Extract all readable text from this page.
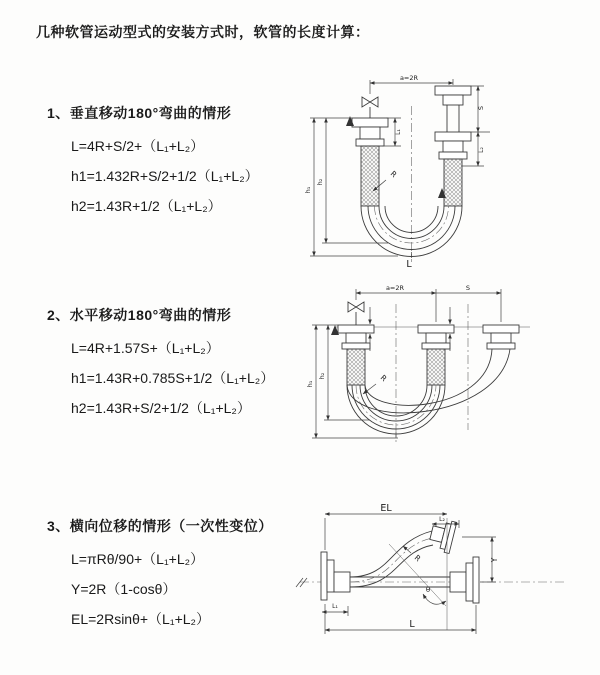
几种软管运动型式的安装方式时，软管的长度计算：
1、垂直移动180°弯曲的情形
L=4R+S/2+（L₁+L₂）
h1=1.432R+S/2+1/2（L₁+L₂）
h2=1.43R+1/2（L₁+L₂）
2、水平移动180°弯曲的情形
L=4R+1.57S+（L₁+L₂）
h1=1.43R+0.785S+1/2（L₁+L₂）
h2=1.43R+S/2+1/2（L₁+L₂）
3、横向位移的情形（一次性变位）
L=πRθ/90+（L₁+L₂）
Y=2R（1-cosθ）
EL=2Rsinθ+（L₁+L₂）
a=2R
L₁
S
L₂
h₁
h₂
R
L
a=2R	S
h₁
h₂	R
EL
L₂
Y
L
L₁
θ
R
